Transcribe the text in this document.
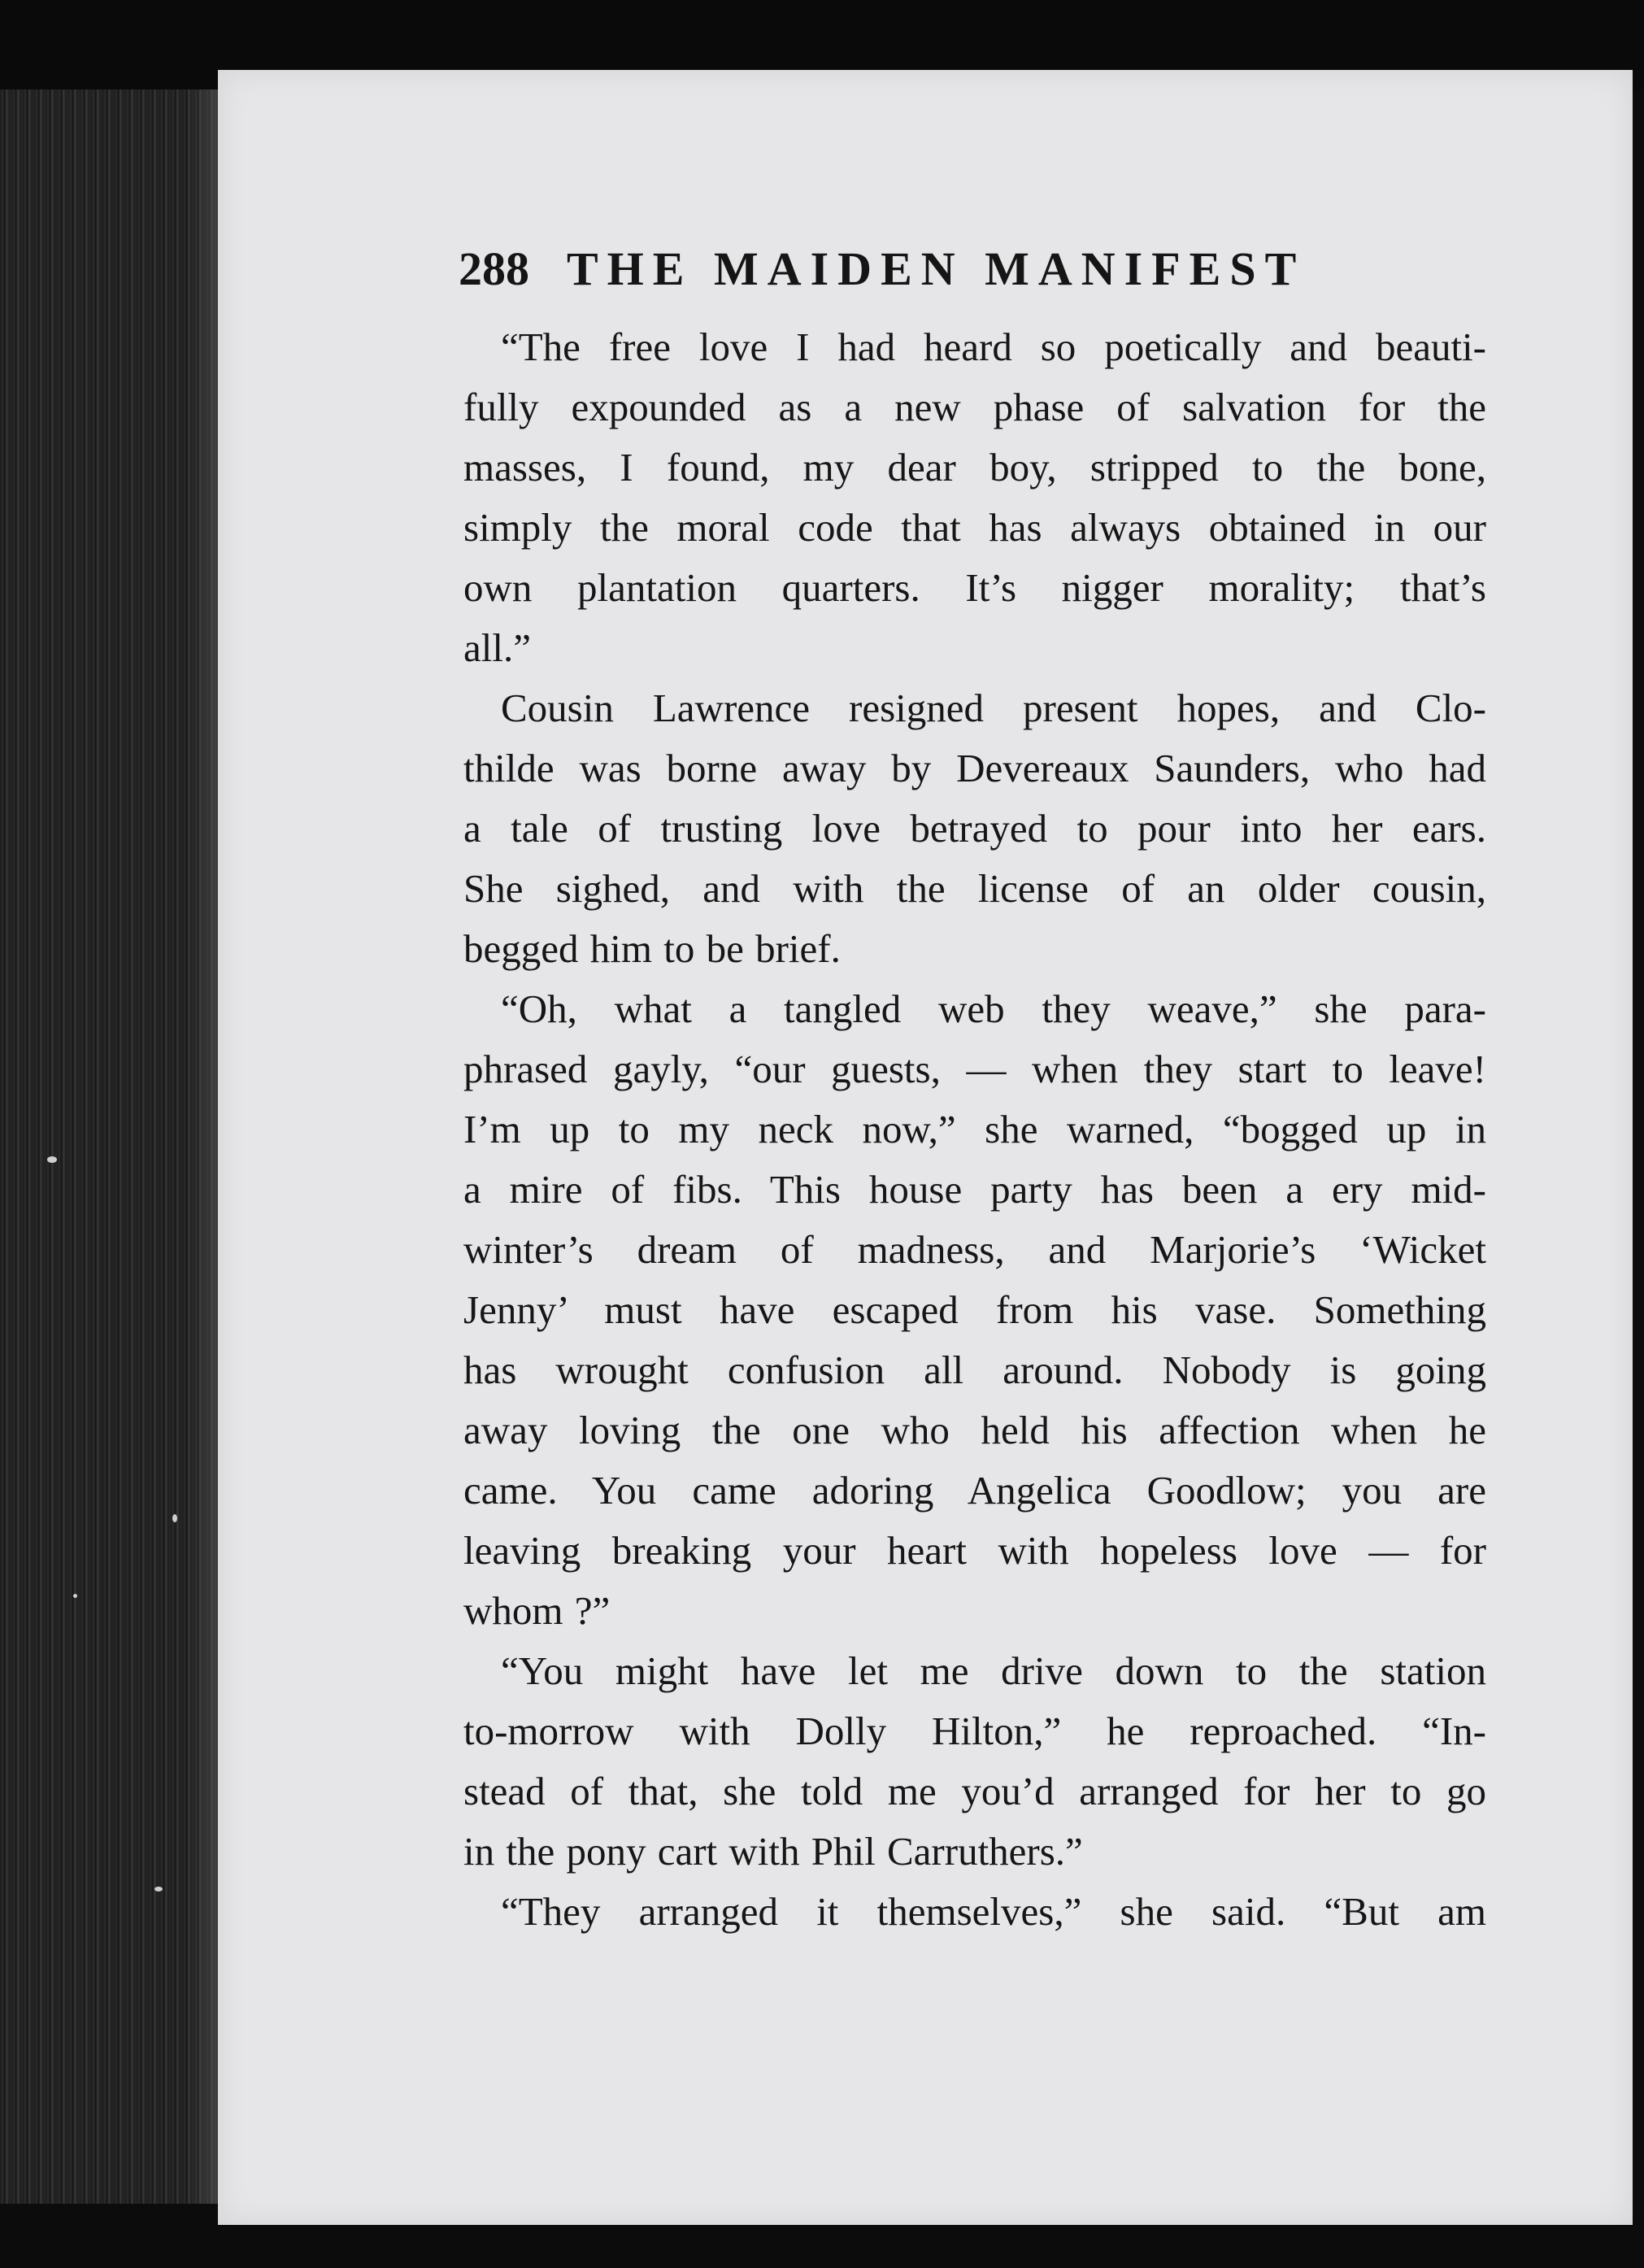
288 THE MAIDEN MANIFEST

“The free love I had heard so poetically and beauti-
fully expounded as a new phase of salvation for the
masses, I found, my dear boy, stripped to the bone,
simply the moral code that has always obtained in our
own plantation quarters. It’s nigger morality; that’s
all.”

Cousin Lawrence resigned present hopes, and Clo-
thilde was borne away by Devereaux Saunders, who had
a tale of trusting love betrayed to pour into her ears.
She sighed, and with the license of an older cousin,
begged him to be brief.

“Oh, what a tangled web they weave,” she para-
phrased gayly, “our guests, — when they start to leave!
I’m up to my neck now,” she warned, “bogged up in
a mire of fibs. This house party has been a ery mid-
winter’s dream of madness, and Marjorie’s ‘Wicket
Jenny’ must have escaped from his vase. Something
has wrought confusion all around. Nobody is going
away loving the one who held his affection when he
came. You came adoring Angelica Goodlow; you are
leaving breaking your heart with hopeless love — for
whom ?”

“You might have let me drive down to the station
to-morrow with Dolly Hilton,” he reproached. “In-
stead of that, she told me you’d arranged for her to go
in the pony cart with Phil Carruthers.”

“They arranged it themselves,” she said. “But am
